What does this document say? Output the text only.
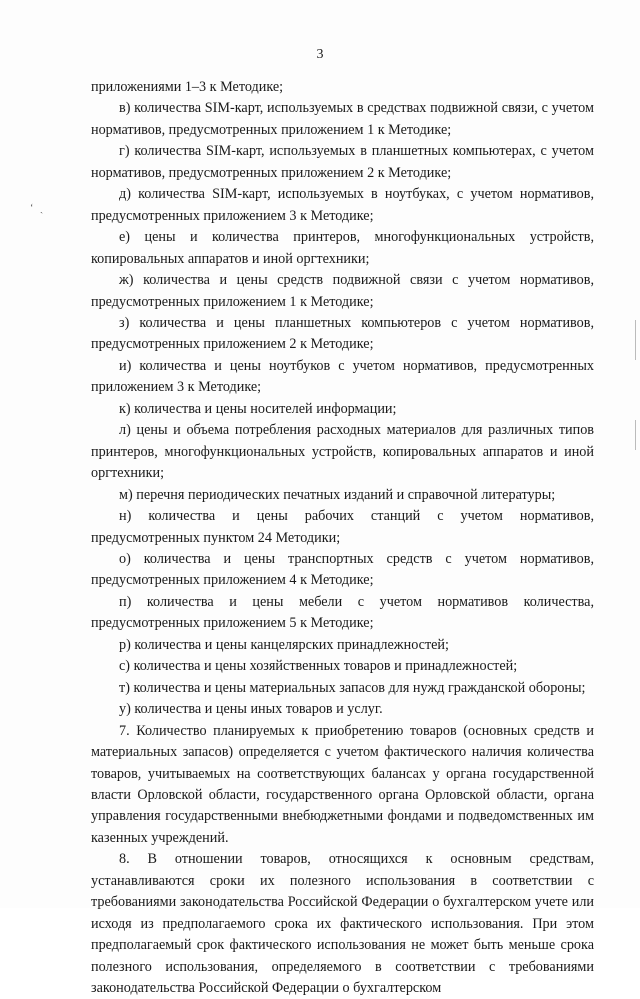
3
‘ ˏ

приложениями 1–3 к Методике;

в) количества SIM-карт, используемых в средствах подвижной связи, с учетом нормативов, предусмотренных приложением 1 к Методике;

г) количества SIM-карт, используемых в планшетных компьютерах, с учетом нормативов, предусмотренных приложением 2 к Методике;

д) количества SIM-карт, используемых в ноутбуках, с учетом нормативов, предусмотренных приложением 3 к Методике;

е) цены и количества принтеров, многофункциональных устройств, копировальных аппаратов и иной оргтехники;

ж) количества и цены средств подвижной связи с учетом нормативов, предусмотренных приложением 1 к Методике;

з) количества и цены планшетных компьютеров с учетом нормативов, предусмотренных приложением 2 к Методике;

и) количества и цены ноутбуков с учетом нормативов, предусмотренных приложением 3 к Методике;

к) количества и цены носителей информации;

л) цены и объема потребления расходных материалов для различных типов принтеров, многофункциональных устройств, копировальных аппаратов и иной оргтехники;

м) перечня периодических печатных изданий и справочной литературы;

н) количества и цены рабочих станций с учетом нормативов, предусмотренных пунктом 24 Методики;

о) количества и цены транспортных средств с учетом нормативов, предусмотренных приложением 4 к Методике;

п) количества и цены мебели с учетом нормативов количества, предусмотренных приложением 5 к Методике;

р) количества и цены канцелярских принадлежностей;

с) количества и цены хозяйственных товаров и принадлежностей;

т) количества и цены материальных запасов для нужд гражданской обороны;

у) количества и цены иных товаров и услуг.

7. Количество планируемых к приобретению товаров (основных средств и материальных запасов) определяется с учетом фактического наличия количества товаров, учитываемых на соответствующих балансах у органа государственной власти Орловской области, государственного органа Орловской области, органа управления государственными внебюджетными фондами и подведомственных им казенных учреждений.

8. В отношении товаров, относящихся к основным средствам, устанавливаются сроки их полезного использования в соответствии с требованиями законодательства Российской Федерации о бухгалтерском учете или исходя из предполагаемого срока их фактического использования. При этом предполагаемый срок фактического использования не может быть меньше срока полезного использования, определяемого в соответствии с требованиями законодательства Российской Федерации о бухгалтерском
